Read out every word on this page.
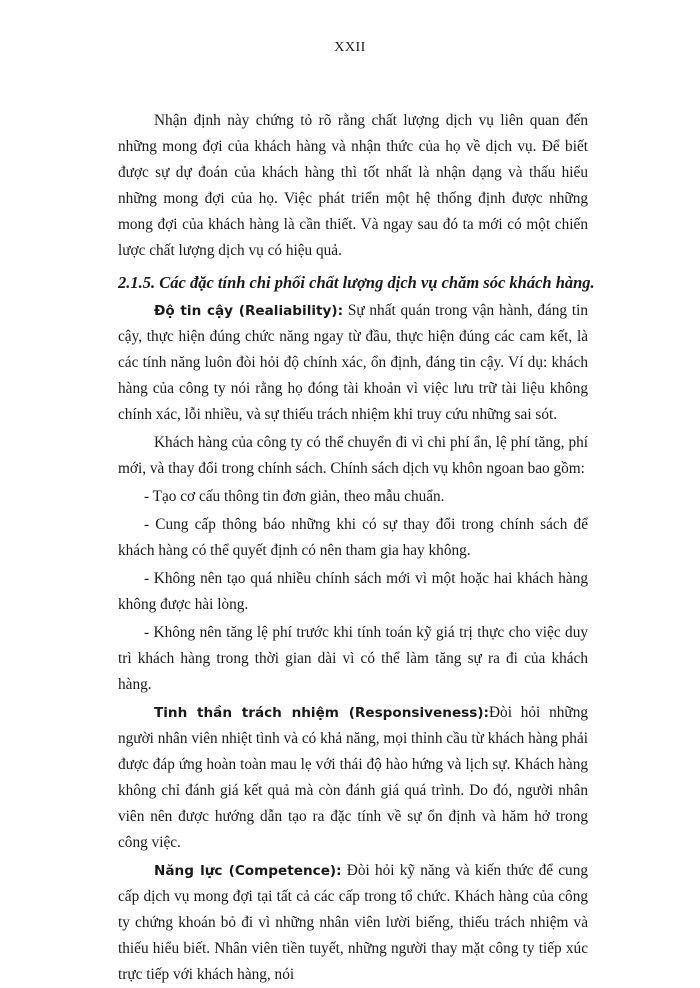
XXII

Nhận định này chứng tỏ rõ rằng chất lượng dịch vụ liên quan đến những mong đợi của khách hàng và nhận thức của họ về dịch vụ. Để biết được sự dự đoán của khách hàng thì tốt nhất là nhận dạng và thấu hiểu những mong đợi của họ. Việc phát triển một hệ thống định được những mong đợi của khách hàng là cần thiết. Và ngay sau đó ta mới có một chiến lược chất lượng dịch vụ có hiệu quả.

2.1.5. Các đặc tính chi phối chất lượng dịch vụ chăm sóc khách hàng.

Độ tin cậy (Realiability): Sự nhất quán trong vận hành, đáng tin cậy, thực hiện đúng chức năng ngay từ đầu, thực hiện đúng các cam kết, là các tính năng luôn đòi hỏi độ chính xác, ổn định, đáng tin cậy. Ví dụ: khách hàng của công ty nói rằng họ đóng tài khoản vì việc lưu trữ tài liệu không chính xác, lỗi nhiều, và sự thiếu trách nhiệm khi truy cứu những sai sót.

Khách hàng của công ty có thể chuyển đi vì chi phí ẩn, lệ phí tăng, phí mới, và thay đổi trong chính sách. Chính sách dịch vụ khôn ngoan bao gồm:

- Tạo cơ cấu thông tin đơn giản, theo mẫu chuẩn.

- Cung cấp thông báo những khi có sự thay đổi trong chính sách để khách hàng có thể quyết định có nên tham gia hay không.

- Không nên tạo quá nhiều chính sách mới vì một hoặc hai khách hàng không được hài lòng.

- Không nên tăng lệ phí trước khi tính toán kỹ giá trị thực cho việc duy trì khách hàng trong thời gian dài vì có thể làm tăng sự ra đi của khách hàng.

Tinh thần trách nhiệm (Responsiveness):Đòi hỏi những người nhân viên nhiệt tình và có khả năng, mọi thỉnh cầu từ khách hàng phải được đáp ứng hoàn toàn mau lẹ với thái độ hào hứng và lịch sự. Khách hàng không chỉ đánh giá kết quả mà còn đánh giá quá trình. Do đó, người nhân viên nên được hướng dẫn tạo ra đặc tính về sự ổn định và hăm hở trong công việc.

Năng lực (Competence): Đòi hỏi kỹ năng và kiến thức để cung cấp dịch vụ mong đợi tại tất cả các cấp trong tổ chức. Khách hàng của công ty chứng khoán bỏ đi vì những nhân viên lười biếng, thiếu trách nhiệm và thiếu hiểu biết. Nhân viên tiền tuyết, những người thay mặt công ty tiếp xúc trực tiếp với khách hàng, nói
